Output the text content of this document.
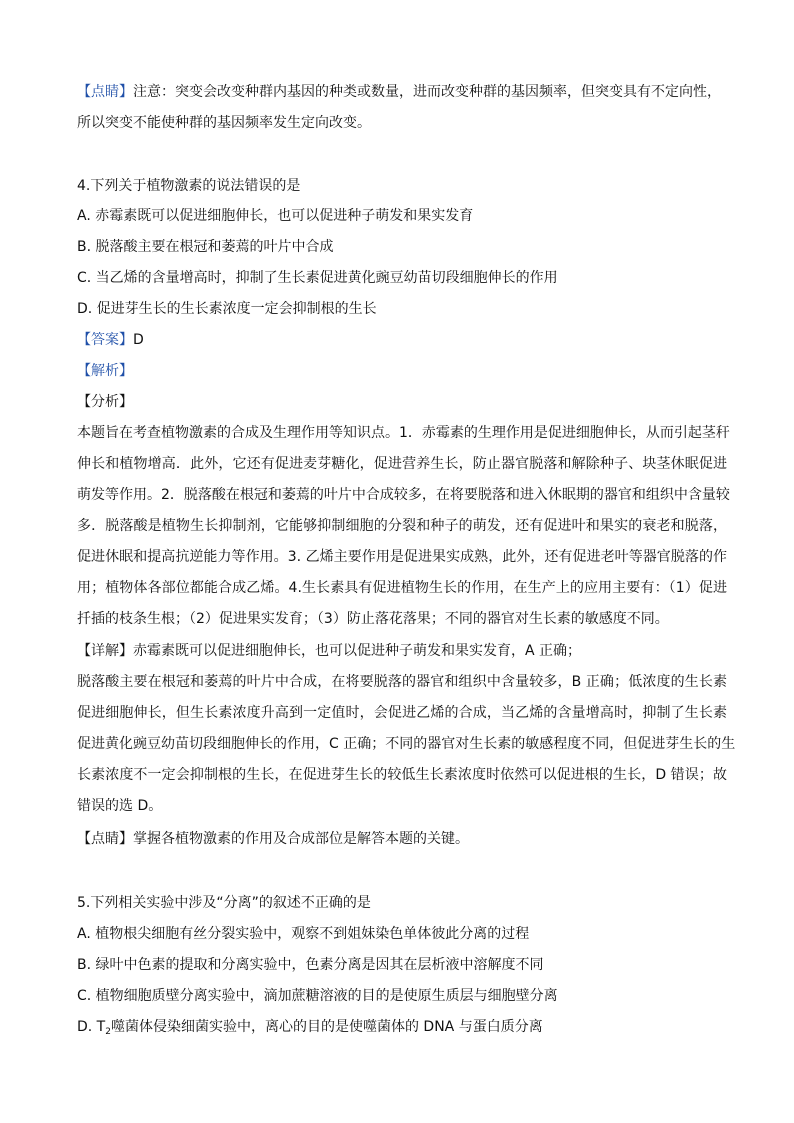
【点睛】注意：突变会改变种群内基因的种类或数量，进而改变种群的基因频率，但突变具有不定向性，
所以突变不能使种群的基因频率发生定向改变。
4.下列关于植物激素的说法错误的是
A. 赤霉素既可以促进细胞伸长，也可以促进种子萌发和果实发育
B. 脱落酸主要在根冠和萎蔫的叶片中合成
C. 当乙烯的含量增高时，抑制了生长素促进黄化豌豆幼苗切段细胞伸长的作用
D. 促进芽生长的生长素浓度一定会抑制根的生长
【答案】D
【解析】
【分析】
本题旨在考查植物激素的合成及生理作用等知识点。1．赤霉素的生理作用是促进细胞伸长，从而引起茎秆
伸长和植物增高．此外，它还有促进麦芽糖化，促进营养生长，防止器官脱落和解除种子、块茎休眠促进
萌发等作用。2．脱落酸在根冠和萎蔫的叶片中合成较多，在将要脱落和进入休眠期的器官和组织中含量较
多．脱落酸是植物生长抑制剂，它能够抑制细胞的分裂和种子的萌发，还有促进叶和果实的衰老和脱落，
促进休眠和提高抗逆能力等作用。3. 乙烯主要作用是促进果实成熟，此外，还有促进老叶等器官脱落的作
用；植物体各部位都能合成乙烯。4.生长素具有促进植物生长的作用，在生产上的应用主要有：（1）促进
扦插的枝条生根；（2）促进果实发育；（3）防止落花落果；不同的器官对生长素的敏感度不同。
【详解】赤霉素既可以促进细胞伸长，也可以促进种子萌发和果实发育，A 正确；
脱落酸主要在根冠和萎蔫的叶片中合成，在将要脱落的器官和组织中含量较多，B 正确；低浓度的生长素
促进细胞伸长，但生长素浓度升高到一定值时，会促进乙烯的合成，当乙烯的含量增高时，抑制了生长素
促进黄化豌豆幼苗切段细胞伸长的作用，C 正确；不同的器官对生长素的敏感程度不同，但促进芽生长的生
长素浓度不一定会抑制根的生长，在促进芽生长的较低生长素浓度时依然可以促进根的生长，D 错误；故
错误的选 D。
【点睛】掌握各植物激素的作用及合成部位是解答本题的关键。
5.下列相关实验中涉及“分离”的叙述不正确的是
A. 植物根尖细胞有丝分裂实验中，观察不到姐妹染色单体彼此分离的过程
B. 绿叶中色素的提取和分离实验中，色素分离是因其在层析液中溶解度不同
C. 植物细胞质壁分离实验中，滴加蔗糖溶液的目的是使原生质层与细胞壁分离
D. $T_2$噬菌体侵染细菌实验中，离心的目的是使噬菌体的 DNA 与蛋白质分离
